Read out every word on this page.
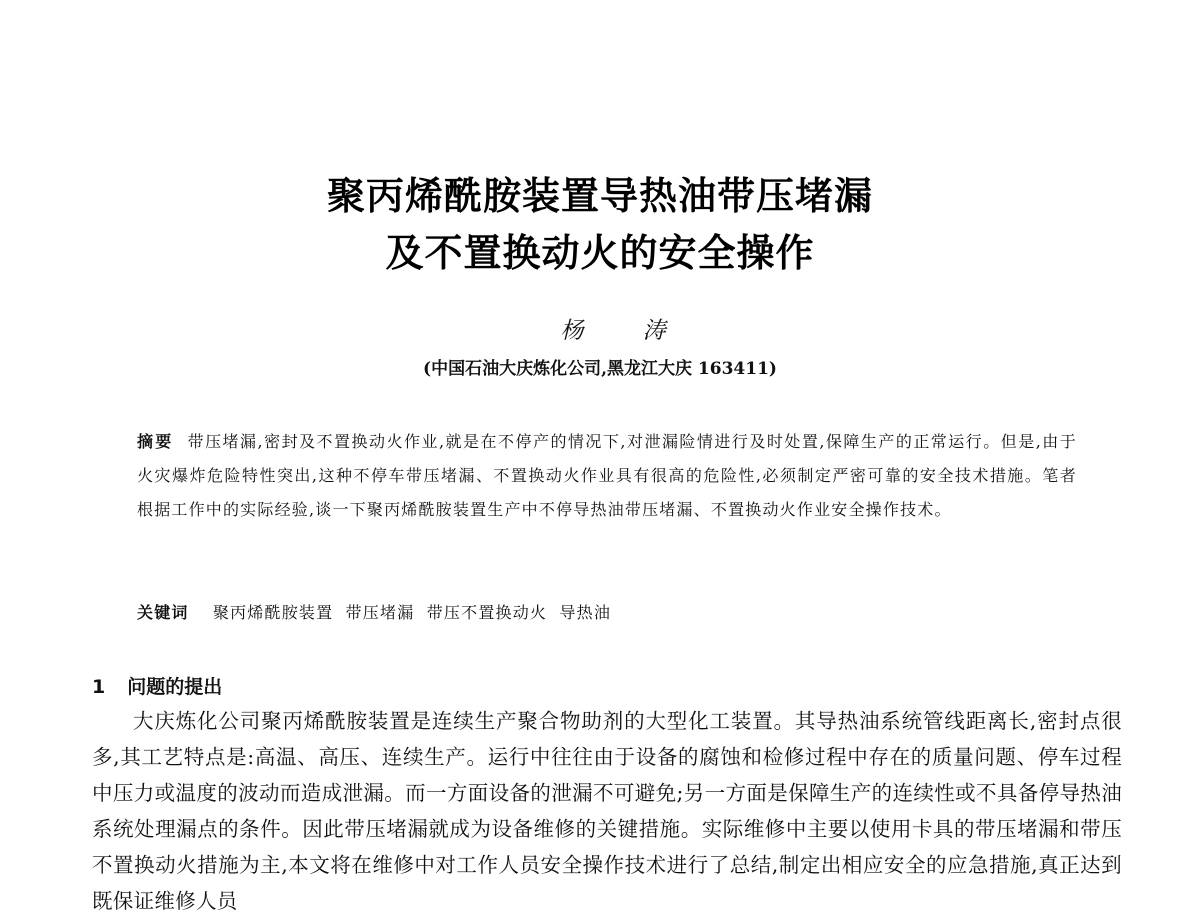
聚丙烯酰胺装置导热油带压堵漏
及不置换动火的安全操作
杨 涛
(中国石油大庆炼化公司,黑龙江大庆 163411)
摘要 带压堵漏,密封及不置换动火作业,就是在不停产的情况下,对泄漏险情进行及时处置,保障生产的正常运行。但是,由于火灾爆炸危险特性突出,这种不停车带压堵漏、不置换动火作业具有很高的危险性,必须制定严密可靠的安全技术措施。笔者根据工作中的实际经验,谈一下聚丙烯酰胺装置生产中不停导热油带压堵漏、不置换动火作业安全操作技术。
关键词 聚丙烯酰胺装置 带压堵漏 带压不置换动火 导热油
1 问题的提出
大庆炼化公司聚丙烯酰胺装置是连续生产聚合物助剂的大型化工装置。其导热油系统管线距离长,密封点很多,其工艺特点是:高温、高压、连续生产。运行中往往由于设备的腐蚀和检修过程中存在的质量问题、停车过程中压力或温度的波动而造成泄漏。而一方面设备的泄漏不可避免;另一方面是保障生产的连续性或不具备停导热油系统处理漏点的条件。因此带压堵漏就成为设备维修的关键措施。实际维修中主要以使用卡具的带压堵漏和带压不置换动火措施为主,本文将在维修中对工作人员安全操作技术进行了总结,制定出相应安全的应急措施,真正达到既保证维修人员
